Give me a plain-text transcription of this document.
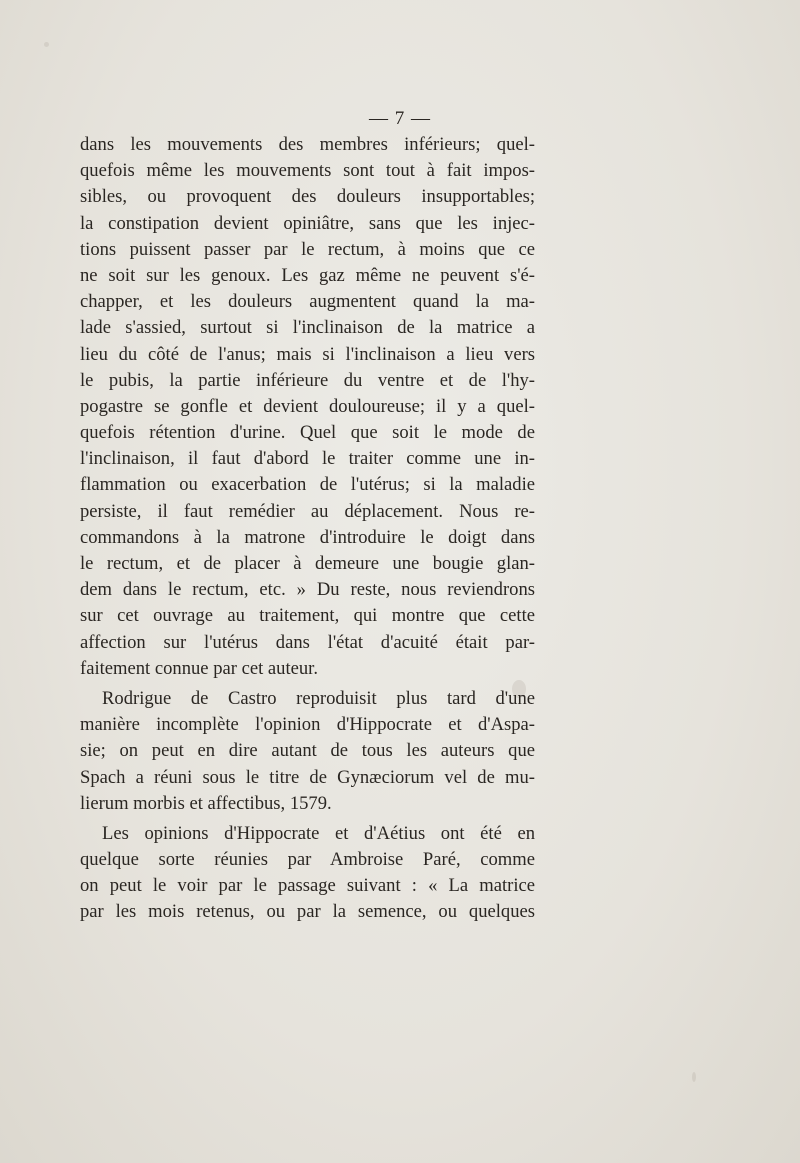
— 7 —
dans les mouvements des membres inférieurs; quel-
quefois même les mouvements sont tout à fait impos-
sibles, ou provoquent des douleurs insupportables;
la constipation devient opiniâtre, sans que les injec-
tions puissent passer par le rectum, à moins que ce
ne soit sur les genoux. Les gaz même ne peuvent s'é-
chapper, et les douleurs augmentent quand la ma-
lade s'assied, surtout si l'inclinaison de la matrice a
lieu du côté de l'anus; mais si l'inclinaison a lieu vers
le pubis, la partie inférieure du ventre et de l'hy-
pogastre se gonfle et devient douloureuse; il y a quel-
quefois rétention d'urine. Quel que soit le mode de
l'inclinaison, il faut d'abord le traiter comme une in-
flammation ou exacerbation de l'utérus; si la maladie
persiste, il faut remédier au déplacement. Nous re-
commandons à la matrone d'introduire le doigt dans
le rectum, et de placer à demeure une bougie glan-
dem dans le rectum, etc. » Du reste, nous reviendrons
sur cet ouvrage au traitement, qui montre que cette
affection sur l'utérus dans l'état d'acuité était par-
faitement connue par cet auteur.
Rodrigue de Castro reproduisit plus tard d'une
manière incomplète l'opinion d'Hippocrate et d'Aspa-
sie; on peut en dire autant de tous les auteurs que
Spach a réuni sous le titre de Gynæciorum vel de mu-
lierum morbis et affectibus, 1579.
Les opinions d'Hippocrate et d'Aétius ont été en
quelque sorte réunies par Ambroise Paré, comme
on peut le voir par le passage suivant : « La matrice
par les mois retenus, ou par la semence, ou quelques
